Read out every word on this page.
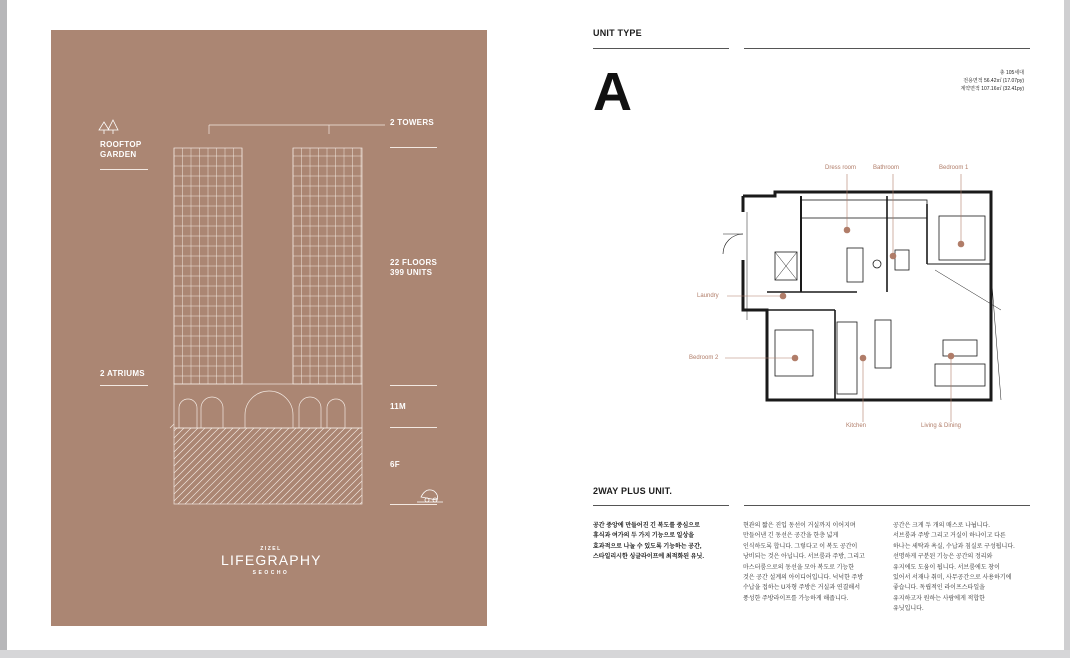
ROOFTOP
GARDEN
2 TOWERS
22 FLOORS
399 UNITS
2 ATRIUMS
11M
6F
ZIZEL
LIFEGRAPHY
SEOCHO
UNIT TYPE
A	총 105세대
전용면적 56.42㎡ (17.07py)
계약면적 107.16㎡ (32.41py)
Dress room	Bathroom	Bedroom 1
Laundry
Bedroom 2
Kitchen	Living & Dining
2WAY PLUS UNIT.
공간 중앙에 만들어진 긴 복도를 중심으로
휴식과 여가의 두 가지 기능으로 일상을
효과적으로 나눌 수 있도록 기능하는 공간,
스타일리시한 싱글라이프에 최적화된 유닛.
현관의 짧은 진입 동선이 거실까지 이어지며
만들어낸 긴 동선은 공간을 한층 넓게
인식하도록 합니다. 그렇다고 이 복도 공간이
낭비되는 것은 아닙니다. 서브룸과 주방, 그리고
마스터룸으로의 동선을 모아 복도로 기능한
것은 공간 설계의 아이디어입니다. 넉넉한 주방
수납을 접하는 U자형 주방은 거실과 연결해서
풍성한 주방라이프를 가능하게 해줍니다.
공간은 크게 두 개의 매스로 나뉩니다.
서브룸과 주방 그리고 거실이 하나이고 다른
하나는 세탁과 욕실, 수납과 침실로 구성됩니다.
선명하게 구분된 기능은 공간의 정리와
유지에도 도움이 됩니다. 서브룸에도 창이
있어서 서재나 취미, 사무공간으로 사용하기에
좋습니다. 독립적인 라이프스타일을
유지하고자 원하는 사람에게 적합한
유닛입니다.
